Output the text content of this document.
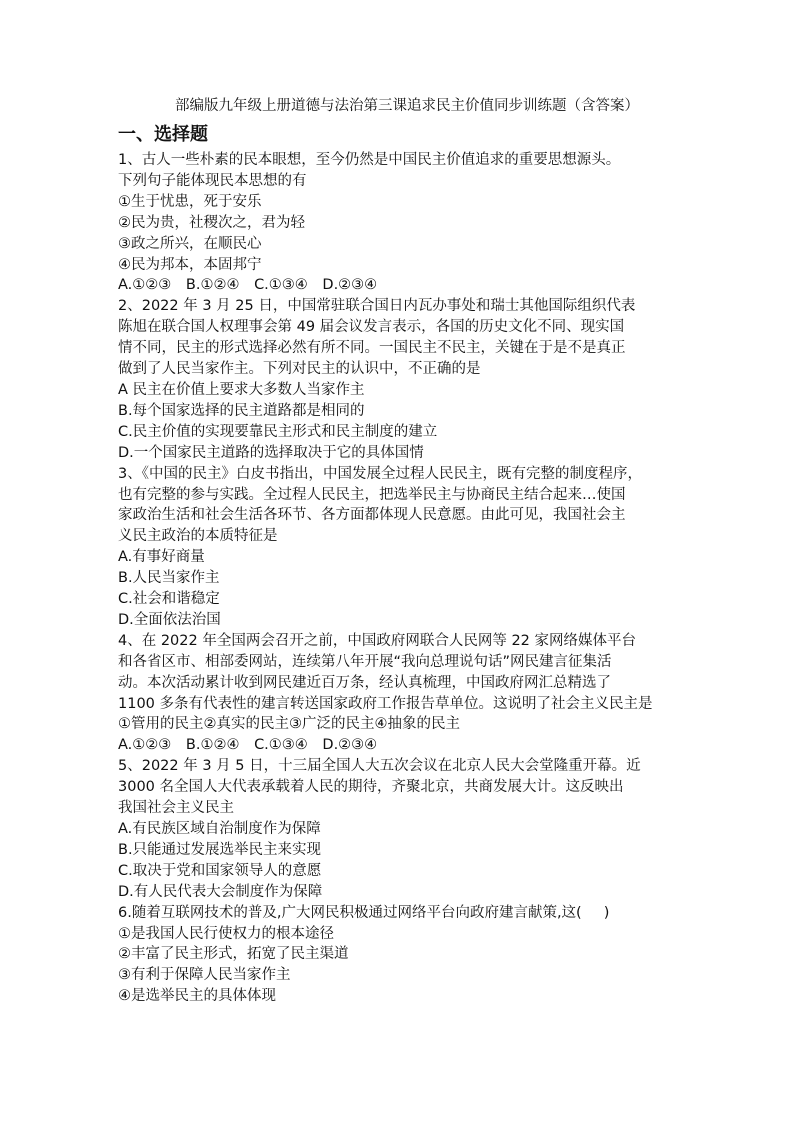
部编版九年级上册道德与法治第三课追求民主价值同步训练题（含答案）
一、选择题
1、古人一些朴素的民本眼想，至今仍然是中国民主价值追求的重要思想源头。
下列句子能体现民本思想的有
①生于忧患，死于安乐
②民为贵，社稷次之，君为轻
③政之所兴，在顺民心
④民为邦本，本固邦宁
A.①②③ B.①②④ C.①③④ D.②③④
2、2022 年 3 月 25 日，中国常驻联合国日内瓦办事处和瑞士其他国际组织代表
陈旭在联合国人权理事会第 49 届会议发言表示，各国的历史文化不同、现实国
情不同，民主的形式选择必然有所不同。一国民主不民主，关键在于是不是真正
做到了人民当家作主。下列对民主的认识中，不正确的是
A 民主在价值上要求大多数人当家作主
B.每个国家选择的民主道路都是相同的
C.民主价值的实现要靠民主形式和民主制度的建立
D.一个国家民主道路的选择取决于它的具体国情
3、《中国的民主》白皮书指出，中国发展全过程人民民主，既有完整的制度程序，
也有完整的参与实践。全过程人民民主，把选举民主与协商民主结合起来…使国
家政治生活和社会生活各环节、各方面都体现人民意愿。由此可见，我国社会主
义民主政治的本质特征是
A.有事好商量
B.人民当家作主
C.社会和谐稳定
D.全面依法治国
4、在 2022 年全国两会召开之前，中国政府网联合人民网等 22 家网络媒体平台
和各省区市、相部委网站，连续第八年开展“我向总理说句话”网民建言征集活
动。本次活动累计收到网民建近百万条，经认真梳理，中国政府网汇总精选了
1100 多条有代表性的建言转送国家政府工作报告草单位。这说明了社会主义民主是
①管用的民主②真实的民主③广泛的民主④抽象的民主
A.①②③ B.①②④ C.①③④ D.②③④
5、2022 年 3 月 5 日，十三届全国人大五次会议在北京人民大会堂隆重开幕。近
3000 名全国人大代表承载着人民的期待，齐聚北京，共商发展大计。这反映出
我国社会主义民主
A.有民族区域自治制度作为保障
B.只能通过发展选举民主来实现
C.取决于党和国家领导人的意愿
D.有人民代表大会制度作为保障
6.随着互联网技术的普及,广大网民积极通过网络平台向政府建言献策,这( )
①是我国人民行使权力的根本途径
②丰富了民主形式，拓宽了民主渠道
③有利于保障人民当家作主
④是选举民主的具体体现
